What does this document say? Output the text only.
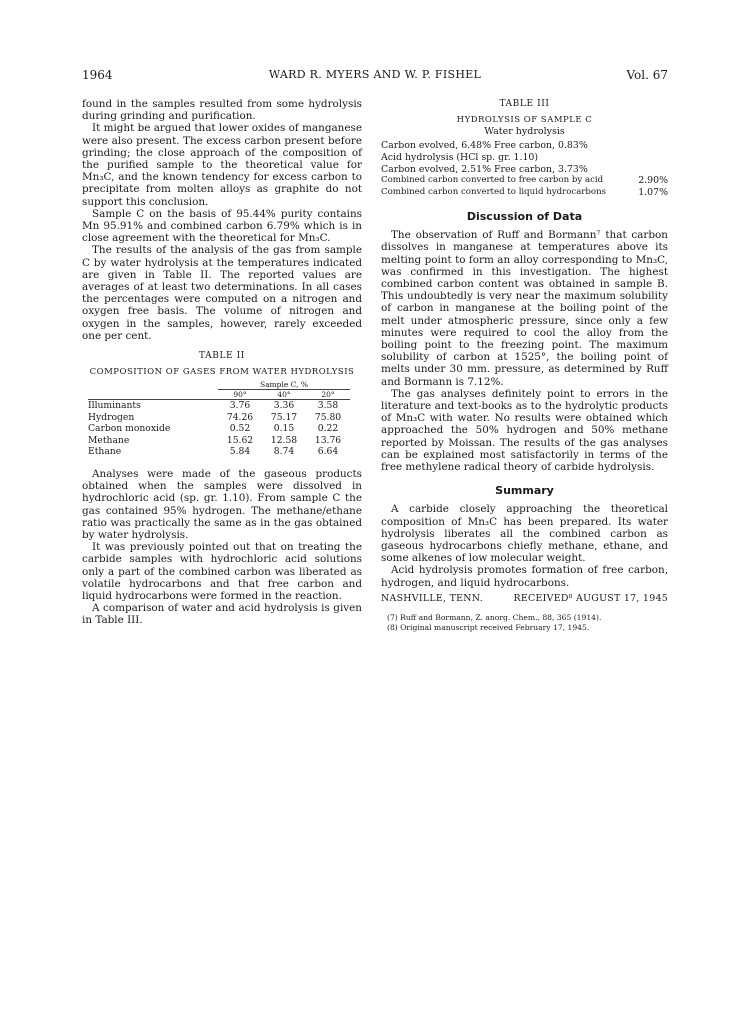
1964	WARD R. MYERS AND W. P. FISHEL	Vol. 67

found in the samples resulted from some hydrolysis during grinding and purification.

It might be argued that lower oxides of manganese were also present. The excess carbon present before grinding; the close approach of the composition of the purified sample to the theoretical value for Mn₃C, and the known tendency for excess carbon to precipitate from molten alloys as graphite do not support this conclusion.

Sample C on the basis of 95.44% purity contains Mn 95.91% and combined carbon 6.79% which is in close agreement with the theoretical for Mn₃C.

The results of the analysis of the gas from sample C by water hydrolysis at the temperatures indicated are given in Table II. The reported values are averages of at least two determinations. In all cases the percentages were computed on a nitrogen and oxygen free basis. The volume of nitrogen and oxygen in the samples, however, rarely exceeded one per cent.

TABLE II
COMPOSITION OF GASES FROM WATER HYDROLYSIS
	Sample C, %		
	90°	40°	20°
Illuminants	3.76	3.36	3.58
Hydrogen	74.26	75.17	75.80
Carbon monoxide	0.52	0.15	0.22
Methane	15.62	12.58	13.76
Ethane	5.84	8.74	6.64

Analyses were made of the gaseous products obtained when the samples were dissolved in hydrochloric acid (sp. gr. 1.10). From sample C the gas contained 95% hydrogen. The methane/ethane ratio was practically the same as in the gas obtained by water hydrolysis.

It was previously pointed out that on treating the carbide samples with hydrochloric acid solutions only a part of the combined carbon was liberated as volatile hydrocarbons and that free carbon and liquid hydrocarbons were formed in the reaction.

A comparison of water and acid hydrolysis is given in Table III.

TABLE III
HYDROLYSIS OF SAMPLE C
Water hydrolysis
Carbon evolved, 6.48% Free carbon, 0.83%	
Acid hydrolysis (HCl sp. gr. 1.10)	
Carbon evolved, 2.51% Free carbon, 3.73%	
Combined carbon converted to free carbon by acid	2.90%
Combined carbon converted to liquid hydrocarbons	1.07%
Discussion of Data

The observation of Ruff and Bormann⁷ that carbon dissolves in manganese at temperatures above its melting point to form an alloy corresponding to Mn₃C, was confirmed in this investigation. The highest combined carbon content was obtained in sample B. This undoubtedly is very near the maximum solubility of carbon in manganese at the boiling point of the melt under atmospheric pressure, since only a few minutes were required to cool the alloy from the boiling point to the freezing point. The maximum solubility of carbon at 1525°, the boiling point of melts under 30 mm. pressure, as determined by Ruff and Bormann is 7.12%.

The gas analyses definitely point to errors in the literature and text-books as to the hydrolytic products of Mn₃C with water. No results were obtained which approached the 50% hydrogen and 50% methane reported by Moissan. The results of the gas analyses can be explained most satisfactorily in terms of the free methylene radical theory of carbide hydrolysis.

Summary

A carbide closely approaching the theoretical composition of Mn₃C has been prepared. Its water hydrolysis liberates all the combined carbon as gaseous hydrocarbons chiefly methane, ethane, and some alkenes of low molecular weight.

Acid hydrolysis promotes formation of free carbon, hydrogen, and liquid hydrocarbons.

NASHVILLE, TENN.	RECEIVED⁸ AUGUST 17, 1945
(7) Ruff and Bormann, Z. anorg. Chem., 88, 365 (1914).
(8) Original manuscript received February 17, 1945.
